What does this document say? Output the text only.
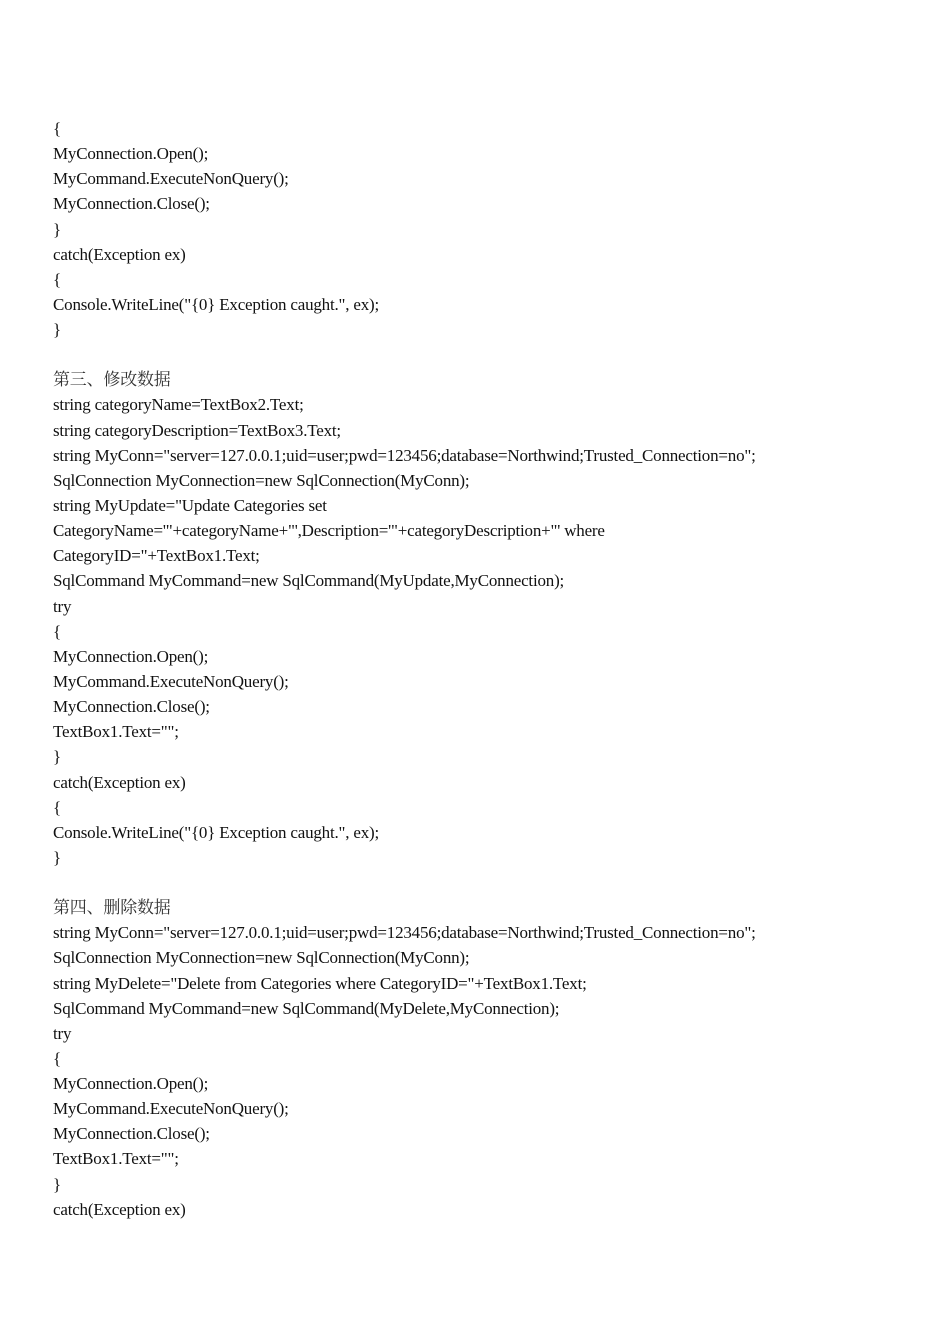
{
MyConnection.Open();
MyCommand.ExecuteNonQuery();
MyConnection.Close();
}
catch(Exception ex)
{
Console.WriteLine("{0} Exception caught.", ex);
}
第三、修改数据
string categoryName=TextBox2.Text;
string categoryDescription=TextBox3.Text;
string MyConn="server=127.0.0.1;uid=user;pwd=123456;database=Northwind;Trusted_Connection=no";
SqlConnection MyConnection=new SqlConnection(MyConn);
string MyUpdate="Update Categories set
CategoryName='"+categoryName+"',Description='"+categoryDescription+"' where
CategoryID="+TextBox1.Text;
SqlCommand MyCommand=new SqlCommand(MyUpdate,MyConnection);
try
{
MyConnection.Open();
MyCommand.ExecuteNonQuery();
MyConnection.Close();
TextBox1.Text="";
}
catch(Exception ex)
{
Console.WriteLine("{0} Exception caught.", ex);
}
第四、删除数据
string MyConn="server=127.0.0.1;uid=user;pwd=123456;database=Northwind;Trusted_Connection=no";
SqlConnection MyConnection=new SqlConnection(MyConn);
string MyDelete="Delete from Categories where CategoryID="+TextBox1.Text;
SqlCommand MyCommand=new SqlCommand(MyDelete,MyConnection);
try
{
MyConnection.Open();
MyCommand.ExecuteNonQuery();
MyConnection.Close();
TextBox1.Text="";
}
catch(Exception ex)
